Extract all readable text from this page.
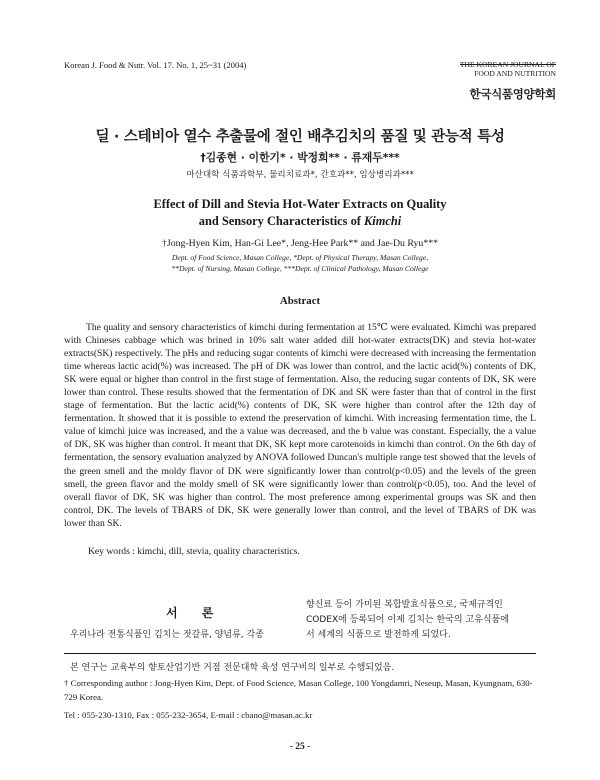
Korean J. Food & Nutr. Vol. 17. No. 1, 25~31 (2004)
FOOD AND NUTRITION
한국식품영양학회
딜 · 스테비아 열수 추출물에 절인 배추김치의 품질 및 관능적 특성
†김종현 · 이한기* · 박정희** · 류재두***
마산대학 식품과학부, 물리치료과*, 간호과**, 임상병리과***
Effect of Dill and Stevia Hot-Water Extracts on Quality
and Sensory Characteristics of Kimchi
†Jong-Hyen Kim, Han-Gi Lee*, Jeng-Hee Park** and Jae-Du Ryu***
Dept. of Food Science, Masan College, *Dept. of Physical Therapy, Masan College,
**Dept. of Nursing, Masan College, ***Dept. of Clinical Pathology, Masan College
Abstract

The quality and sensory characteristics of kimchi during fermentation at 15℃ were evaluated. Kimchi was prepared with Chineses cabbage which was brined in 10% salt water added dill hot-water extracts(DK) and stevia hot-water extracts(SK) respectively. The pHs and reducing sugar contents of kimchi were decreased with increasing the fermentation time whereas lactic acid(%) was increased. The pH of DK was lower than control, and the lactic acid(%) contents of DK, SK were equal or higher than control in the first stage of fermentation. Also, the reducing sugar contents of DK, SK were lower than control. These results showed that the fermentation of DK and SK were faster than that of control in the first stage of fermentation. But the lactic acid(%) contents of DK, SK were higher than control after the 12th day of fermentation. It showed that it is possible to extend the preservation of kimchi. With increasing fermentation time, the L value of kimchi juice was increased, and the a value was decreased, and the b value was constant. Especially, the a value of DK, SK was higher than control. It meant that DK, SK kept more carotenoids in kimchi than control. On the 6th day of fermentation, the sensory evaluation analyzed by ANOVA followed Duncan's multiple range test showed that the levels of the green smell and the moldy flavor of DK were significantly lower than control(p<0.05) and the levels of the green smell, the green flavor and the moldy smell of SK were significantly lower than control(p<0.05), too. And the level of overall flavor of DK, SK was higher than control. The most preference among experimental groups was SK and then control, DK. The levels of TBARS of DK, SK were generally lower than control, and the level of TBARS of DK was lower than SK.

Key words : kimchi, dill, stevia, quality characteristics.
서 론
우리나라 전통식품인 김치는 젓갈류, 양념류, 각종
향신료 등이 가미된 복합발효식품으로, 국제규격인
CODEX에 등록되어 이제 김치는 한국의 고유식품에
서 세계의 식품으로 발전하게 되었다.
본 연구는 교육부의 향토산업기반 거점 전문대학 육성 연구비의 일부로 수행되었음.
† Corresponding author : Jong-Hyen Kim, Dept. of Food Science, Masan College, 100 Yongdamri, Neseup, Masan, Kyungnam, 630-729 Korea.
Tel : 055-230-1310, Fax : 055-232-3654, E-mail : cbano@masan.ac.kr
- 25 -
